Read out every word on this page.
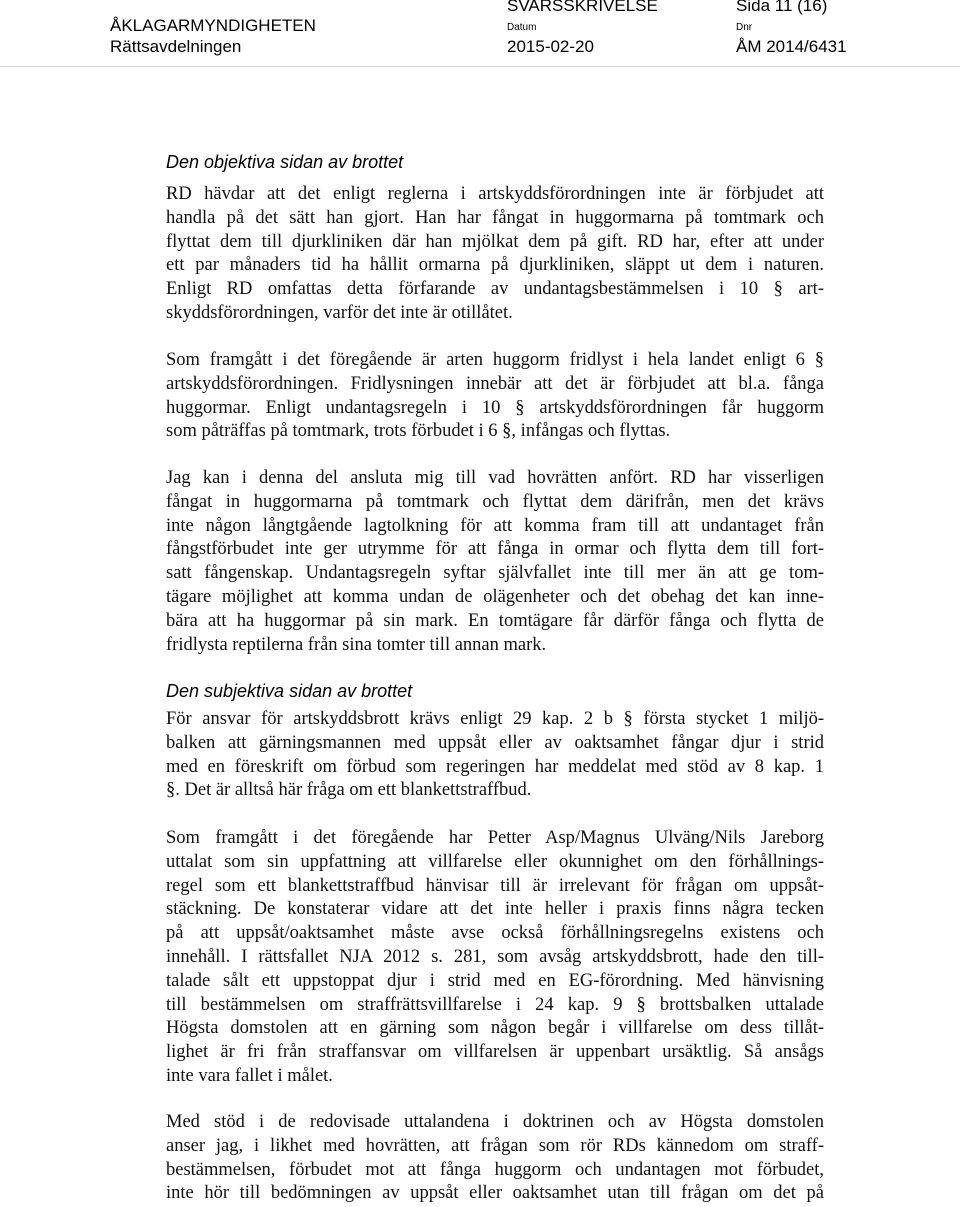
ÅKLAGARMYNDIGHETEN
Rättsavdelningen
SVARSSKRIVELSE	Sida 11 (16)
Datum
2015-02-20
Dnr
ÅM 2014/6431
Den objektiva sidan av brottet
RD hävdar att det enligt reglerna i artskyddsförordningen inte är förbjudet att
handla på det sätt han gjort. Han har fångat in huggormarna på tomtmark och
flyttat dem till djurkliniken där han mjölkat dem på gift. RD har, efter att under
ett par månaders tid ha hållit ormarna på djurkliniken, släppt ut dem i naturen.
Enligt RD omfattas detta förfarande av undantagsbestämmelsen i 10 § art-
skyddsförordningen, varför det inte är otillåtet.
Som framgått i det föregående är arten huggorm fridlyst i hela landet enligt 6 §
artskyddsförordningen. Fridlysningen innebär att det är förbjudet att bl.a. fånga
huggormar. Enligt undantagsregeln i 10 § artskyddsförordningen får huggorm
som påträffas på tomtmark, trots förbudet i 6 §, infångas och flyttas.
Jag kan i denna del ansluta mig till vad hovrätten anfört. RD har visserligen
fångat in huggormarna på tomtmark och flyttat dem därifrån, men det krävs
inte någon långtgående lagtolkning för att komma fram till att undantaget från
fångstförbudet inte ger utrymme för att fånga in ormar och flytta dem till fort-
satt fångenskap. Undantagsregeln syftar självfallet inte till mer än att ge tom-
tägare möjlighet att komma undan de olägenheter och det obehag det kan inne-
bära att ha huggormar på sin mark. En tomtägare får därför fånga och flytta de
fridlysta reptilerna från sina tomter till annan mark.
Den subjektiva sidan av brottet
För ansvar för artskyddsbrott krävs enligt 29 kap. 2 b § första stycket 1 miljö-
balken att gärningsmannen med uppsåt eller av oaktsamhet fångar djur i strid
med en föreskrift om förbud som regeringen har meddelat med stöd av 8 kap. 1
§. Det är alltså här fråga om ett blankettstraffbud.
Som framgått i det föregående har Petter Asp/Magnus Ulväng/Nils Jareborg
uttalat som sin uppfattning att villfarelse eller okunnighet om den förhållnings-
regel som ett blankettstraffbud hänvisar till är irrelevant för frågan om uppsåt-
stäckning. De konstaterar vidare att det inte heller i praxis finns några tecken
på att uppsåt/oaktsamhet måste avse också förhållningsregelns existens och
innehåll. I rättsfallet NJA 2012 s. 281, som avsåg artskyddsbrott, hade den till-
talade sålt ett uppstoppat djur i strid med en EG-förordning. Med hänvisning
till bestämmelsen om straffrättsvillfarelse i 24 kap. 9 § brottsbalken uttalade
Högsta domstolen att en gärning som någon begår i villfarelse om dess tillåt-
lighet är fri från straffansvar om villfarelsen är uppenbart ursäktlig. Så ansågs
inte vara fallet i målet.
Med stöd i de redovisade uttalandena i doktrinen och av Högsta domstolen
anser jag, i likhet med hovrätten, att frågan som rör RDs kännedom om straff-
bestämmelsen, förbudet mot att fånga huggorm och undantagen mot förbudet,
inte hör till bedömningen av uppsåt eller oaktsamhet utan till frågan om det på
